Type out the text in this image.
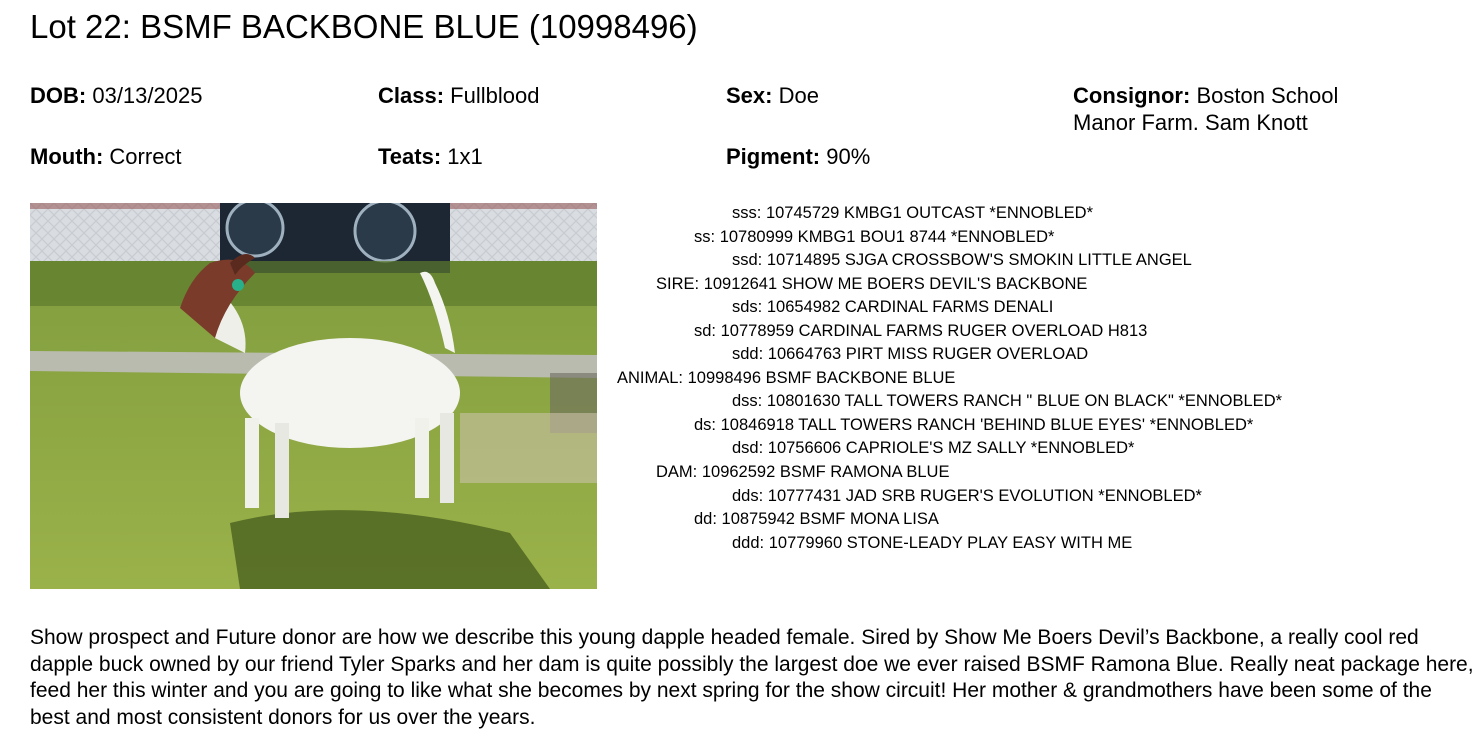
Lot 22: BSMF BACKBONE BLUE (10998496)
DOB: 03/13/2025	Class: Fullblood	Sex: Doe	Consignor: Boston School Manor Farm. Sam Knott
Mouth: Correct	Teats: 1x1	Pigment: 90%
sss: 10745729 KMBG1 OUTCAST *ENNOBLED*
ss: 10780999 KMBG1 BOU1 8744 *ENNOBLED*
ssd: 10714895 SJGA CROSSBOW'S SMOKIN LITTLE ANGEL
SIRE: 10912641 SHOW ME BOERS DEVIL'S BACKBONE
sds: 10654982 CARDINAL FARMS DENALI
sd: 10778959 CARDINAL FARMS RUGER OVERLOAD H813
sdd: 10664763 PIRT MISS RUGER OVERLOAD
ANIMAL: 10998496 BSMF BACKBONE BLUE
dss: 10801630 TALL TOWERS RANCH " BLUE ON BLACK" *ENNOBLED*
ds: 10846918 TALL TOWERS RANCH 'BEHIND BLUE EYES' *ENNOBLED*
dsd: 10756606 CAPRIOLE'S MZ SALLY *ENNOBLED*
DAM: 10962592 BSMF RAMONA BLUE
dds: 10777431 JAD SRB RUGER'S EVOLUTION *ENNOBLED*
dd: 10875942 BSMF MONA LISA
ddd: 10779960 STONE-LEADY PLAY EASY WITH ME
Show prospect and Future donor are how we describe this young dapple headed female. Sired by Show Me Boers Devil’s Backbone, a really cool red dapple buck owned by our friend Tyler Sparks and her dam is quite possibly the largest doe we ever raised BSMF Ramona Blue. Really neat package here, feed her this winter and you are going to like what she becomes by next spring for the show circuit! Her mother & grandmothers have been some of the best and most consistent donors for us over the years.
